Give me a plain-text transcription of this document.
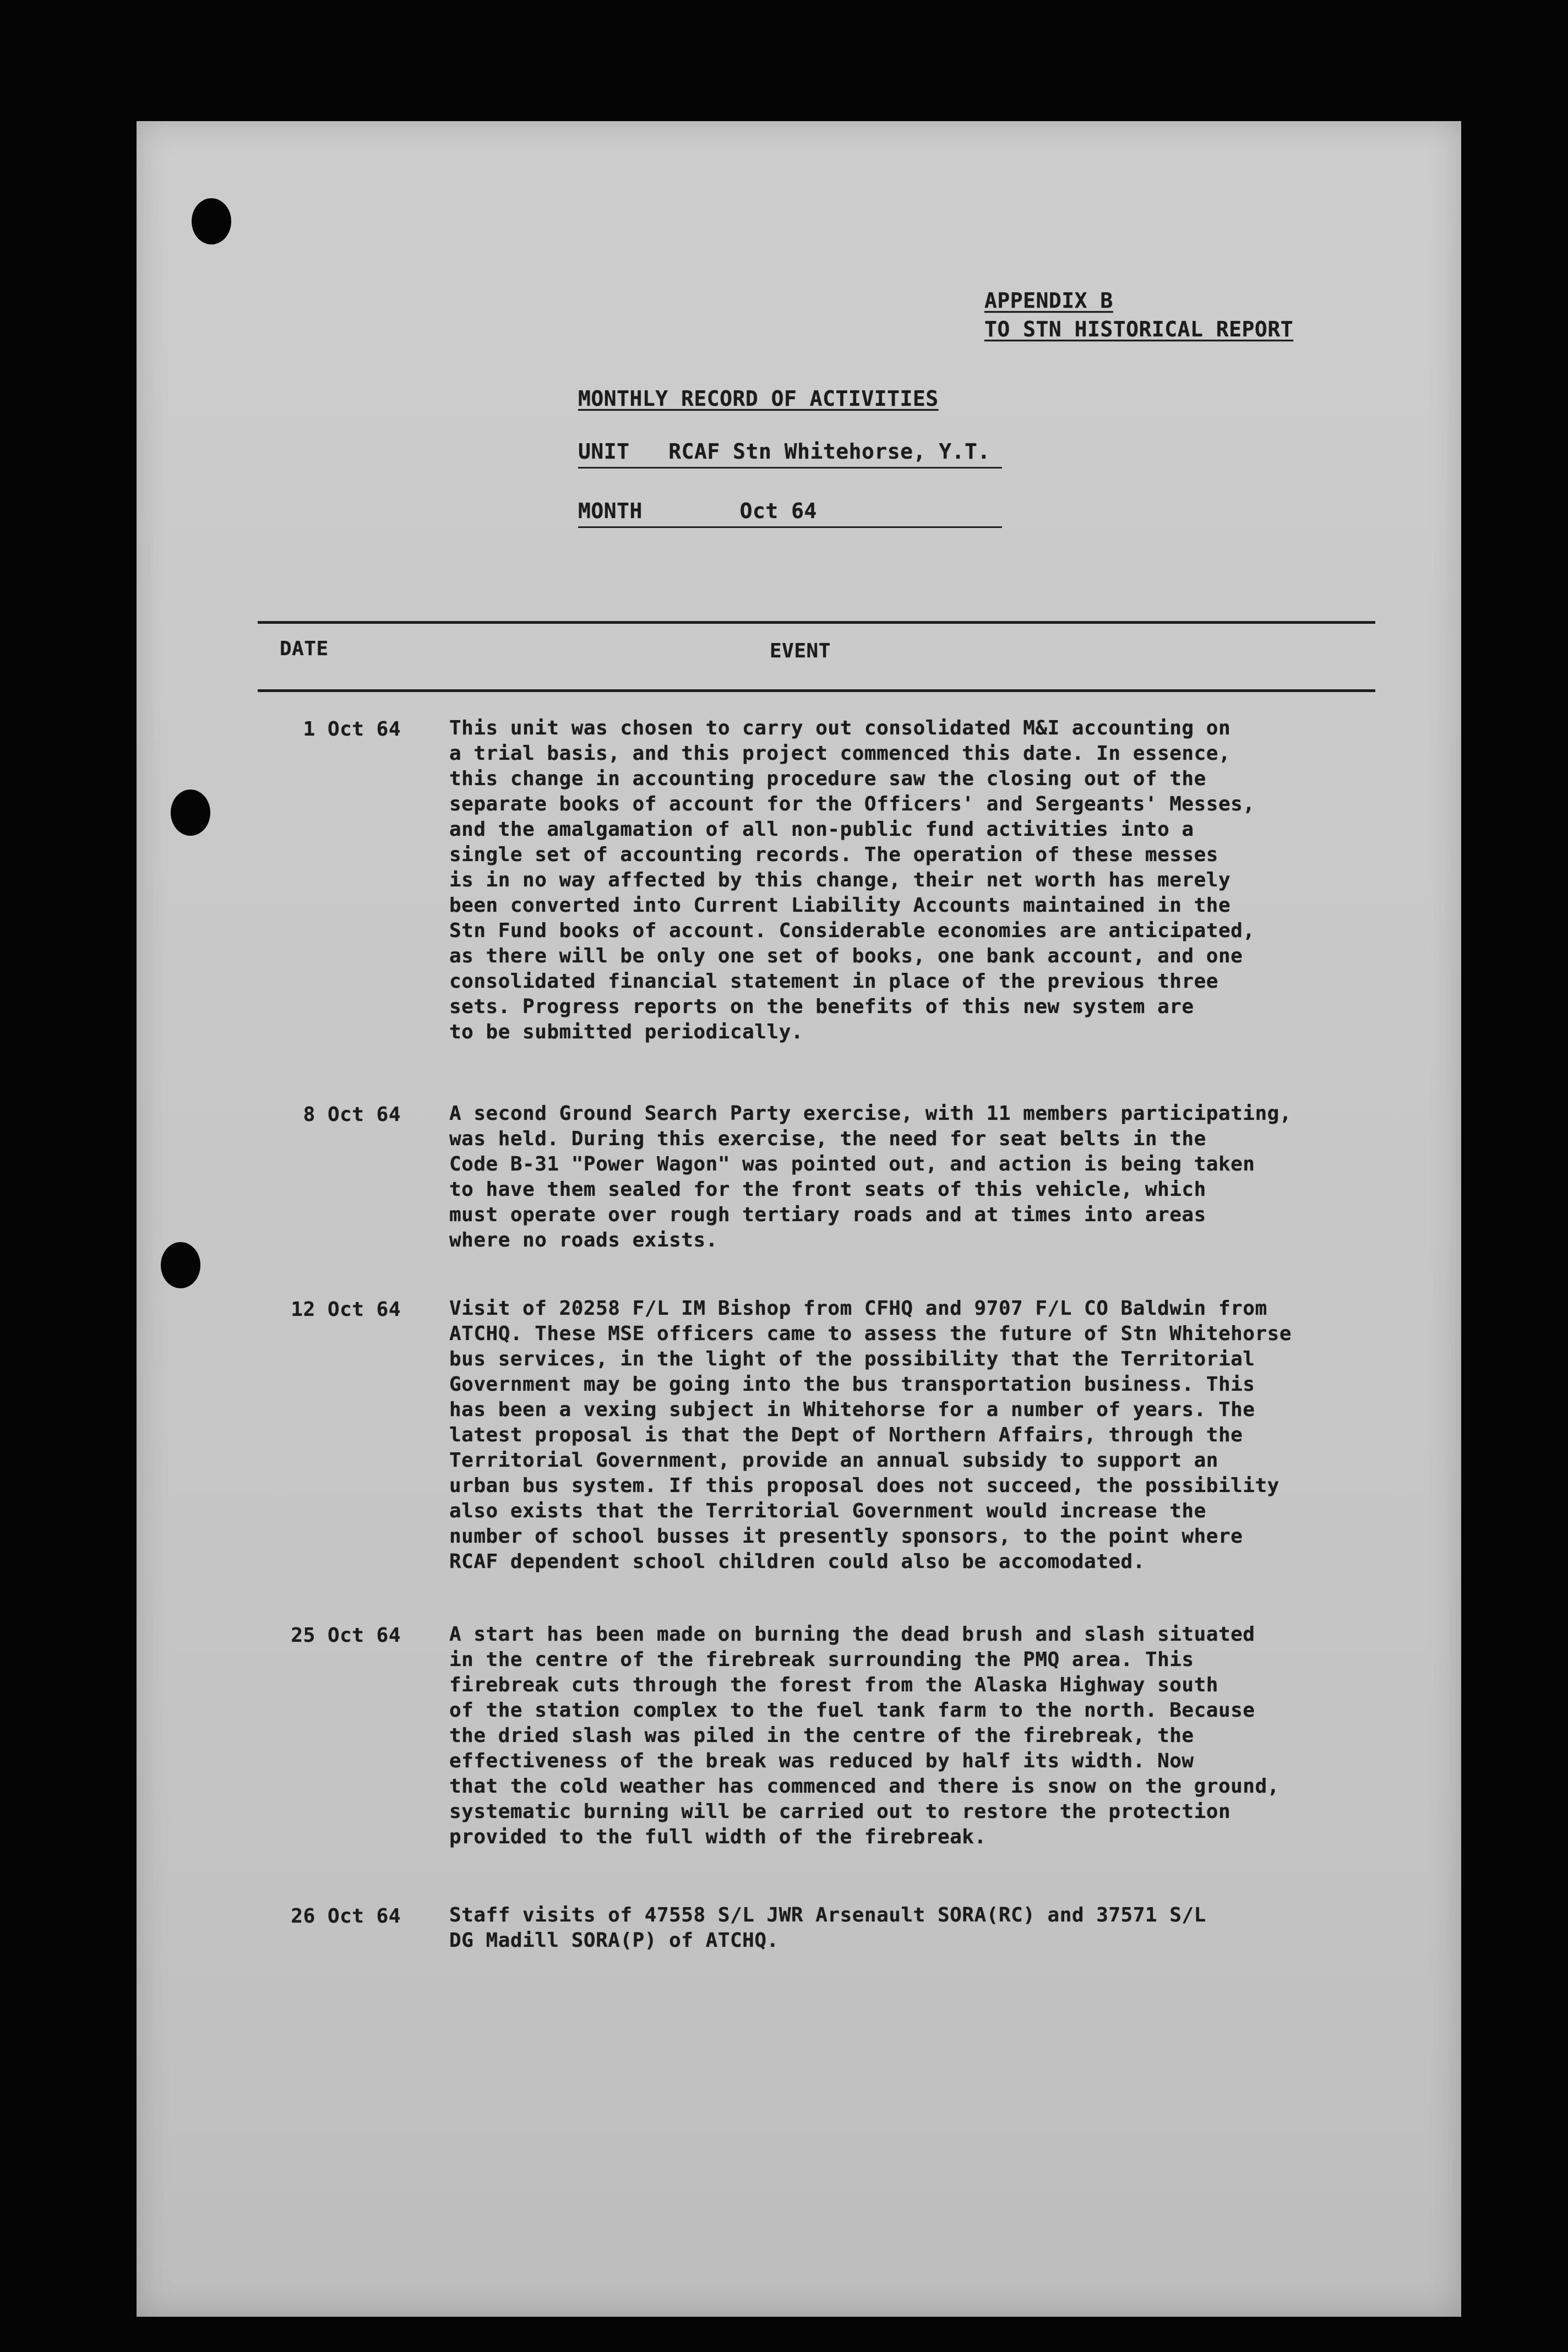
APPENDIX B
TO STN HISTORICAL REPORT
MONTHLY RECORD OF ACTIVITIES
UNIT RCAF Stn Whitehorse, Y.T.
MONTH	Oct 64
DATE	EVENT
1 Oct 64 This unit was chosen to carry out consolidated M&I accounting on
a trial basis, and this project commenced this date. In essence,
this change in accounting procedure saw the closing out of the
separate books of account for the Officers' and Sergeants' Messes,
and the amalgamation of all non-public fund activities into a
single set of accounting records. The operation of these messes
is in no way affected by this change, their net worth has merely
been converted into Current Liability Accounts maintained in the
Stn Fund books of account. Considerable economies are anticipated,
as there will be only one set of books, one bank account, and one
consolidated financial statement in place of the previous three
sets. Progress reports on the benefits of this new system are
to be submitted periodically.
8 Oct 64 A second Ground Search Party exercise, with 11 members participating,
was held. During this exercise, the need for seat belts in the
Code B-31 "Power Wagon" was pointed out, and action is being taken
to have them sealed for the front seats of this vehicle, which
must operate over rough tertiary roads and at times into areas
where no roads exists.
12 Oct 64 Visit of 20258 F/L IM Bishop from CFHQ and 9707 F/L CO Baldwin from
ATCHQ. These MSE officers came to assess the future of Stn Whitehorse
bus services, in the light of the possibility that the Territorial
Government may be going into the bus transportation business. This
has been a vexing subject in Whitehorse for a number of years. The
latest proposal is that the Dept of Northern Affairs, through the
Territorial Government, provide an annual subsidy to support an
urban bus system. If this proposal does not succeed, the possibility
also exists that the Territorial Government would increase the
number of school busses it presently sponsors, to the point where
RCAF dependent school children could also be accomodated.
25 Oct 64 A start has been made on burning the dead brush and slash situated
in the centre of the firebreak surrounding the PMQ area. This
firebreak cuts through the forest from the Alaska Highway south
of the station complex to the fuel tank farm to the north. Because
the dried slash was piled in the centre of the firebreak, the
effectiveness of the break was reduced by half its width. Now
that the cold weather has commenced and there is snow on the ground,
systematic burning will be carried out to restore the protection
provided to the full width of the firebreak.
26 Oct 64 Staff visits of 47558 S/L JWR Arsenault SORA(RC) and 37571 S/L
DG Madill SORA(P) of ATCHQ.
